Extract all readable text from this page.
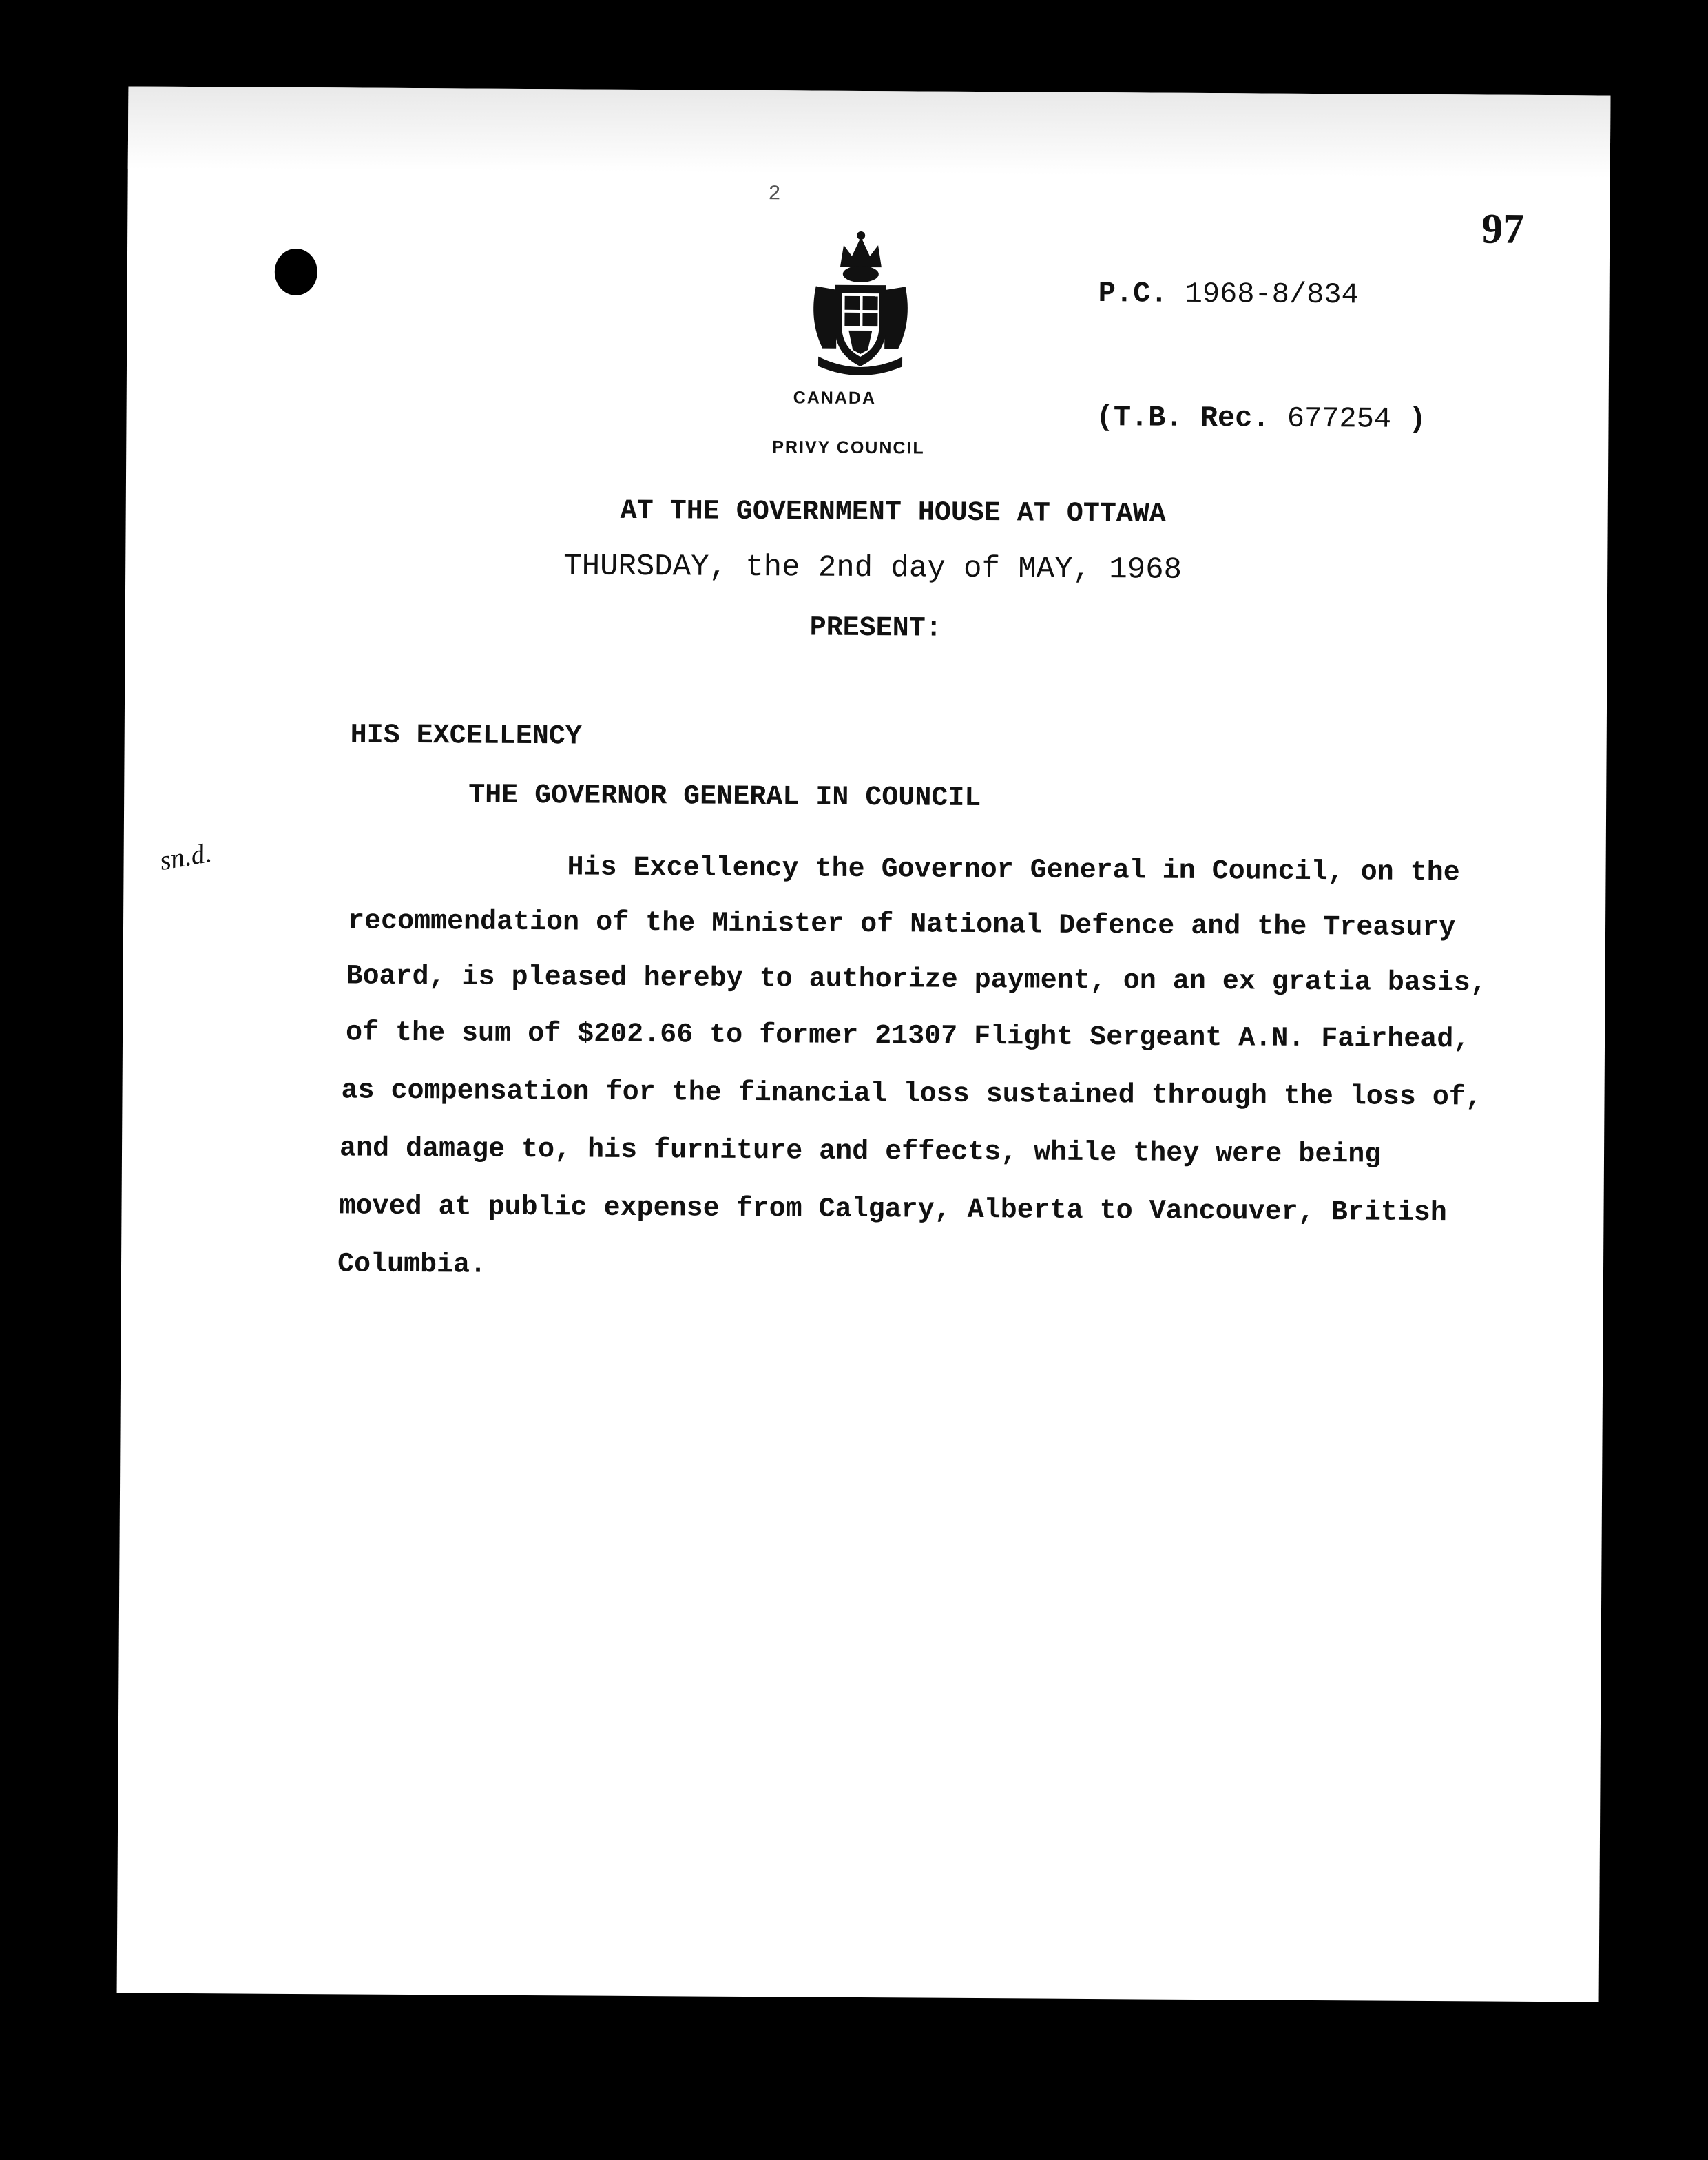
97
2
CANADA
PRIVY COUNCIL
P.C. 1968-8/834
(T.B. Rec. 677254 )
AT THE GOVERNMENT HOUSE AT OTTAWA
THURSDAY, the 2nd day of MAY, 1968
PRESENT:
HIS EXCELLENCY
THE GOVERNOR GENERAL IN COUNCIL
sn.d.	His Excellency the Governor General in Council, on the
recommendation of the Minister of National Defence and the Treasury
Board, is pleased hereby to authorize payment, on an ex gratia basis,
of the sum of $202.66 to former 21307 Flight Sergeant A.N. Fairhead,
as compensation for the financial loss sustained through the loss of,
and damage to, his furniture and effects, while they were being
moved at public expense from Calgary, Alberta to Vancouver, British
Columbia.
